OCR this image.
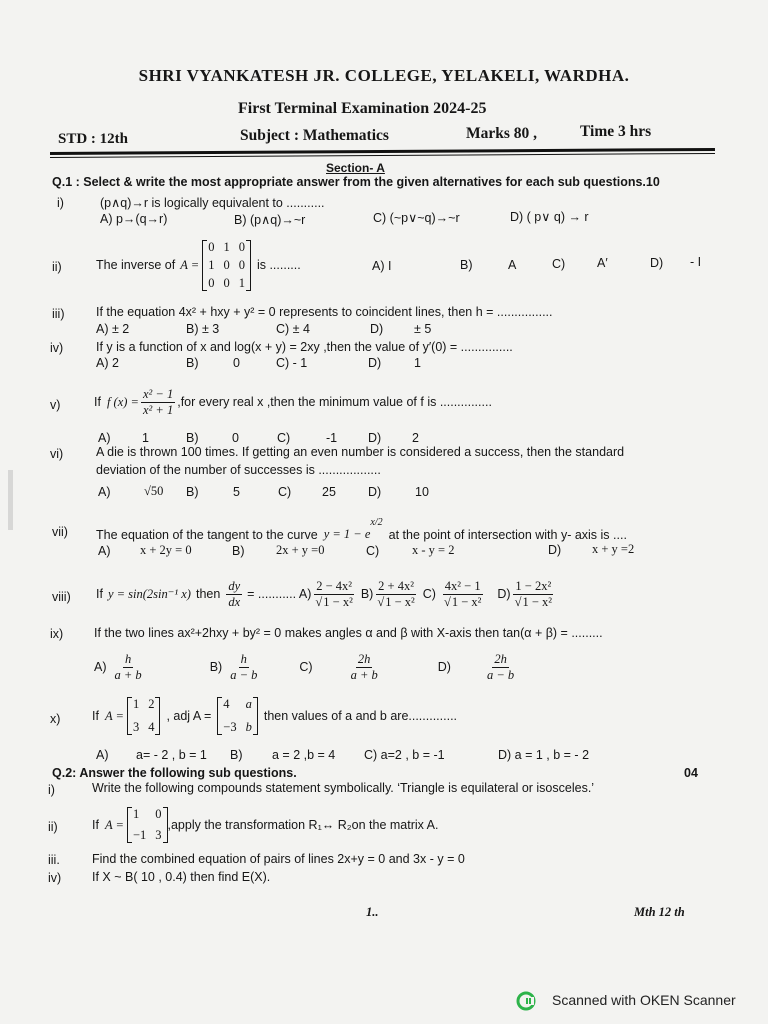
SHRI VYANKATESH JR. COLLEGE, YELAKELI, WARDHA.
First Terminal Examination 2024-25
STD : 12th	Subject : Mathematics	Marks 80 ,	Time 3 hrs
Section- A
Q.1 : Select & write the most appropriate answer from the given alternatives for each sub questions.10
i)	(p∧q)→r is logically equivalent to ...........
A) p→(q→r)	B) (p∧q)→~r	C) (~p∨~q)→~r	D) ( p∨ q) → r
ii)	The inverse of A =
0 1 0
1 0 0
0 0 1
is .........	A) I	B)	A	C)	A′	D) - I
iii)	If the equation 4x² + hxy + y² = 0 represents to coincident lines, then h = ................
A) ± 2	B) ± 3	C) ± 4	D) ± 5
iv)	If y is a function of x and log(x + y) = 2xy ,then the value of y′(0) = ...............
A) 2	B)	0	C) - 1	D)	1
v)	If f $(x) = \frac{\text{x² − 1}}{\text{x² + 1}} ,for$ every real x ,then the minimum value of f is ...............
A)	1	B)	0	C)	-1 D) 2
vi)	A die is thrown 100 times. If getting an even number is considered a success, then the standard
deviation of the number of successes is ..................
A)	√50 B)	5	C) 25	D)	10
vii) The equation of the tangent to the curve y = 1 − e
x/2
at the point of intersection with y- axis is ....
A) x + 2y = 0	B)	2x + y =0	C)	x - y = 2	D) x + y =2
viii) If y = sin(2sin⁻¹ x) then $\frac{dy}{dx}$ = ........... $A) \frac{\text{2 − 4x²}}{\text{√1 − x²}} B) \frac{\text{2 + 4x²}}{\text{√1 − x²}} C) \frac{\text{4x² − 1}}{\text{√1 − x²}} D) \frac{\text{1 − 2x²}}{\text{√1 − x²}}$
ix) If the two lines ax²+2hxy + by² = 0 makes angles α and β with X-axis then tan(α + β) = .........
$A) \frac{h}{a + b}$	$B) \frac{h}{a - b}$	C)	$\frac{2h}{a + b}$	D)	$\frac{2h}{a - b}$
x)	If A =
1 2
3 4
, adj A =
4	a
−3 b
then values of a and b are..............
A) a= - 2 , b = 1 B) a = 2 ,b = 4 C) a=2 , b = -1	D) a = 1 , b = - 2
Q.2: Answer the following sub questions.	04
i)	Write the following compounds statement symbolically. ‘Triangle is equilateral or isosceles.’
ii)	If A =
1	0
−1 3
,apply the transformation R₁↔ R₂on the matrix A.
iii.	Find the combined equation of pairs of lines 2x+y = 0 and 3x - y = 0
iv) If X ~ B( 10 , 0.4) then find E(X).
1..	Mth 12 th
Scanned with OKEN Scanner
